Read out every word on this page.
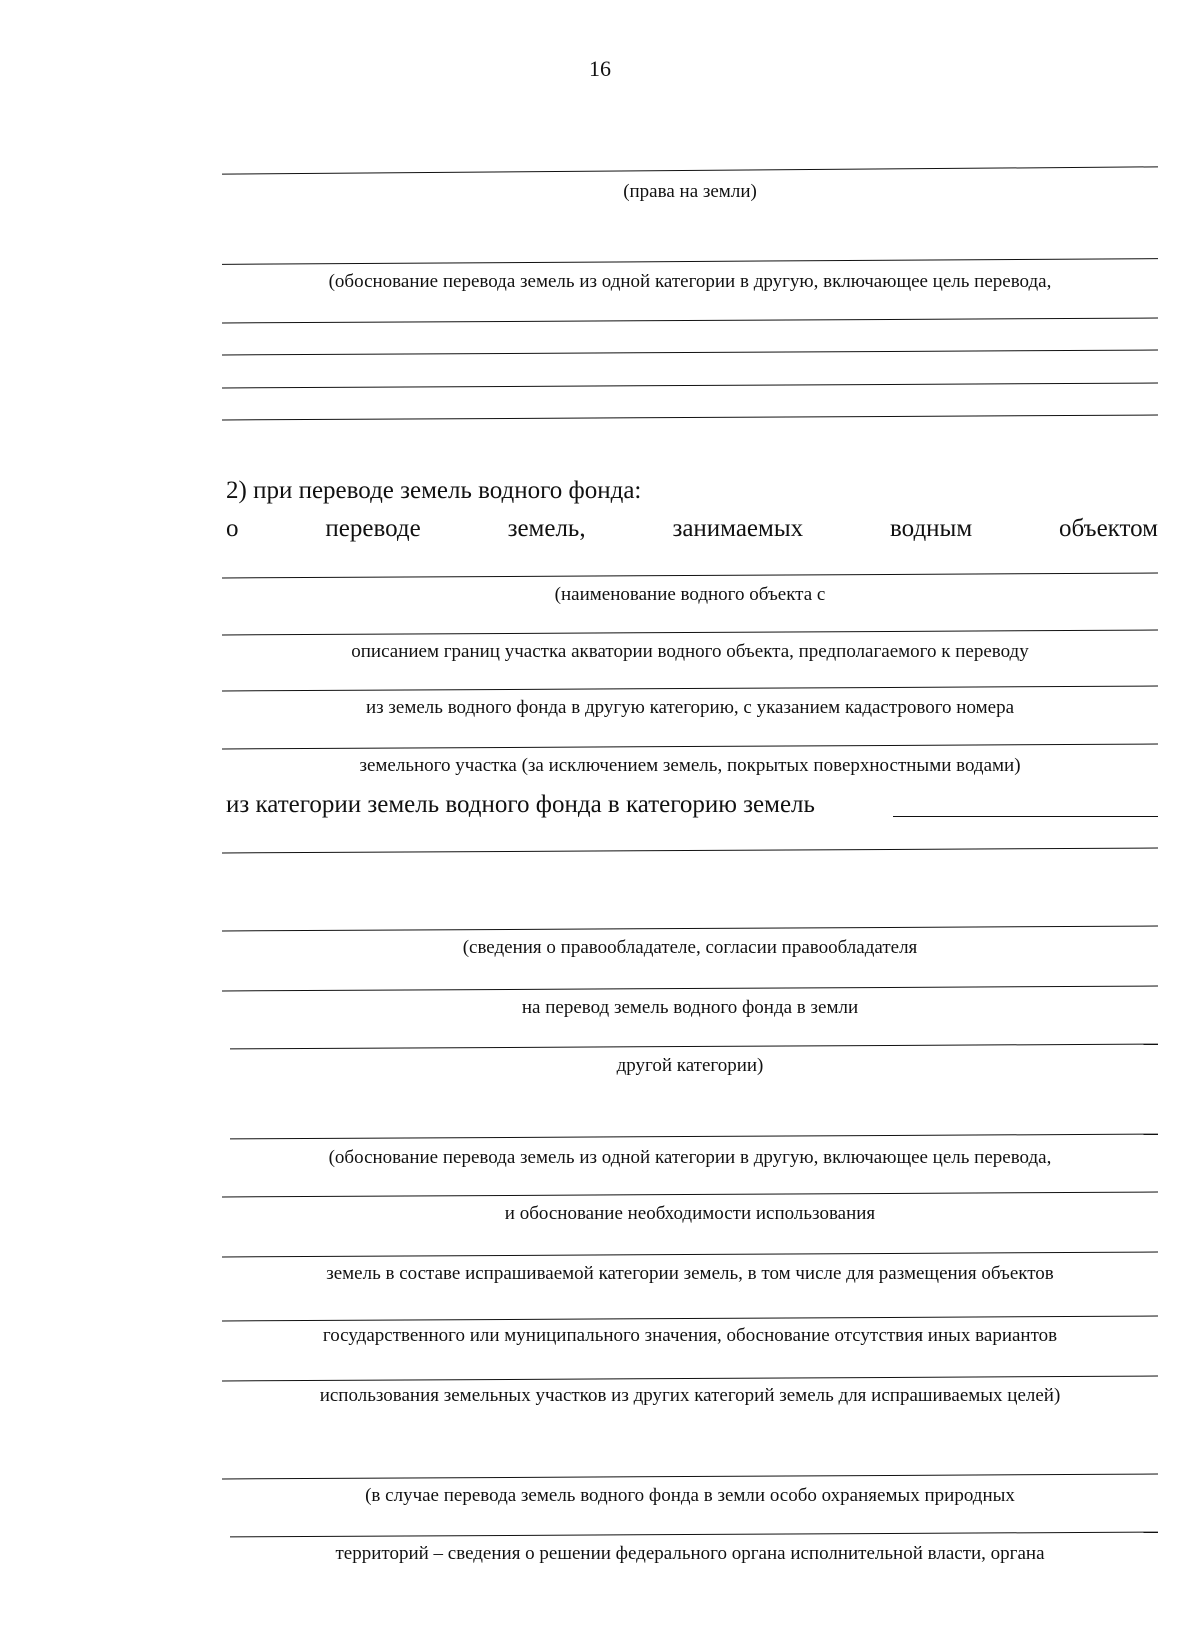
16
(права на земли)
(обоснование перевода земель из одной категории в другую, включающее цель перевода,
2) при переводе земель водного фонда:
о	переводе	земель,	занимаемых	водным	объектом
(наименование водного объекта с
описанием границ участка акватории водного объекта, предполагаемого к переводу
из земель водного фонда в другую категорию, с указанием кадастрового номера
земельного участка (за исключением земель, покрытых поверхностными водами)
из категории земель водного фонда в категорию земель
(сведения о правообладателе, согласии правообладателя
на перевод земель водного фонда в земли
другой категории)
(обоснование перевода земель из одной категории в другую, включающее цель перевода,
и обоснование необходимости использования
земель в составе испрашиваемой категории земель, в том числе для размещения объектов
государственного или муниципального значения, обоснование отсутствия иных вариантов
использования земельных участков из других категорий земель для испрашиваемых целей)
(в случае перевода земель водного фонда в земли особо охраняемых природных
территорий – сведения о решении федерального органа исполнительной власти, органа
